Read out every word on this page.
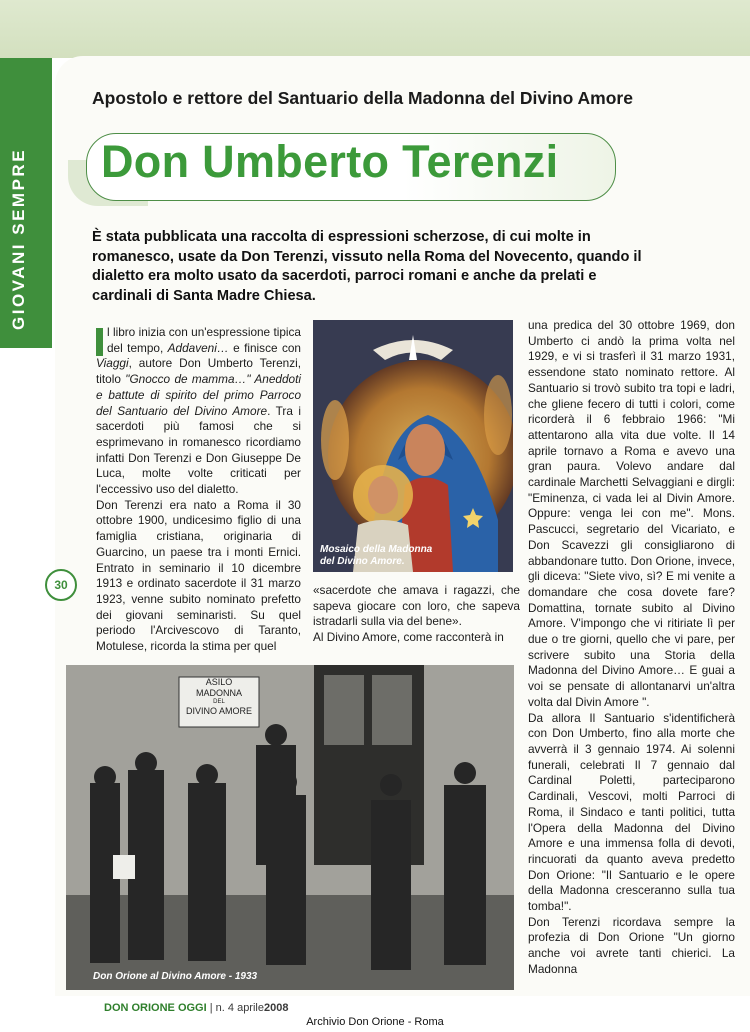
GIOVANI SEMPRE
30
Apostolo e rettore del Santuario della Madonna del Divino Amore
Don Umberto Terenzi
È stata pubblicata una raccolta di espressioni scherzose, di cui molte in romanesco, usate da Don Terenzi, vissuto nella Roma del Novecento, quando il dialetto era molto usato da sacerdoti, parroci romani e anche da prelati e cardinali di Santa Madre Chiesa.

l libro inizia con un'espressione tipica del tempo, Addaveni… e finisce con Viaggi, autore Don Umberto Terenzi, titolo "Gnocco de mamma…" Aneddoti e battute di spirito del primo Parroco del Santuario del Divino Amore. Tra i sacerdoti più famosi che si esprimevano in romanesco ricordiamo infatti Don Terenzi e Don Giuseppe De Luca, molte volte criticati per l'eccessivo uso del dialetto.

Don Terenzi era nato a Roma il 30 ottobre 1900, undicesimo figlio di una famiglia cristiana, originaria di Guarcino, un paese tra i monti Ernici. Entrato in seminario il 10 dicembre 1913 e ordinato sacerdote il 31 marzo 1923, venne subito nominato prefetto dei giovani seminaristi. Su quel periodo l'Arcivescovo di Taranto, Motulese, ricorda la stima per quel

Mosaico della Madonna
del Divino Amore.
«sacerdote che amava i ragazzi, che sapeva giocare con loro, che sapeva istradarli sulla via del bene».
Al Divino Amore, come racconterà in

una predica del 30 ottobre 1969, don Umberto ci andò la prima volta nel 1929, e vi si trasferì il 31 marzo 1931, essendone stato nominato rettore. Al Santuario si trovò subito tra topi e ladri, che gliene fecero di tutti i colori, come ricorderà il 6 febbraio 1966: "Mi attentarono alla vita due volte. Il 14 aprile tornavo a Roma e avevo una gran paura. Volevo andare dal cardinale Marchetti Selvaggiani e dirgli: "Eminenza, ci vada lei al Divin Amore. Oppure: venga lei con me". Mons. Pascucci, segretario del Vicariato, e Don Scavezzi gli consigliarono di abbandonare tutto. Don Orione, invece, gli diceva: "Siete vivo, sì? E mi venite a domandare che cosa dovete fare? Domattina, tornate subito al Divino Amore. V'impongo che vi ritiriate lì per due o tre giorni, quello che vi pare, per scrivere subito una Storia della Madonna del Divino Amore… E guai a voi se pensate di allontanarvi un'altra volta dal Divin Amore ".

Da allora Il Santuario s'identificherà con Don Umberto, fino alla morte che avverrà il 3 gennaio 1974. Ai solenni funerali, celebrati Il 7 gennaio dal Cardinal Poletti, parteciparono Cardinali, Vescovi, molti Parroci di Roma, il Sindaco e tanti politici, tutta l'Opera della Madonna del Divino Amore e una immensa folla di devoti, rincuorati da quanto aveva predetto Don Orione: "Il Santuario e le opere della Madonna cresceranno sulla tua tomba!".

Don Terenzi ricordava sempre la profezia di Don Orione "Un giorno anche voi avrete tanti chierici. La Madonna

ASILO
MADONNA
DEL
DIVINO AMORE
Don Orione al Divino Amore - 1933
DON ORIONE OGGI | n. 4 aprile2008
Archivio Don Orione - Roma
